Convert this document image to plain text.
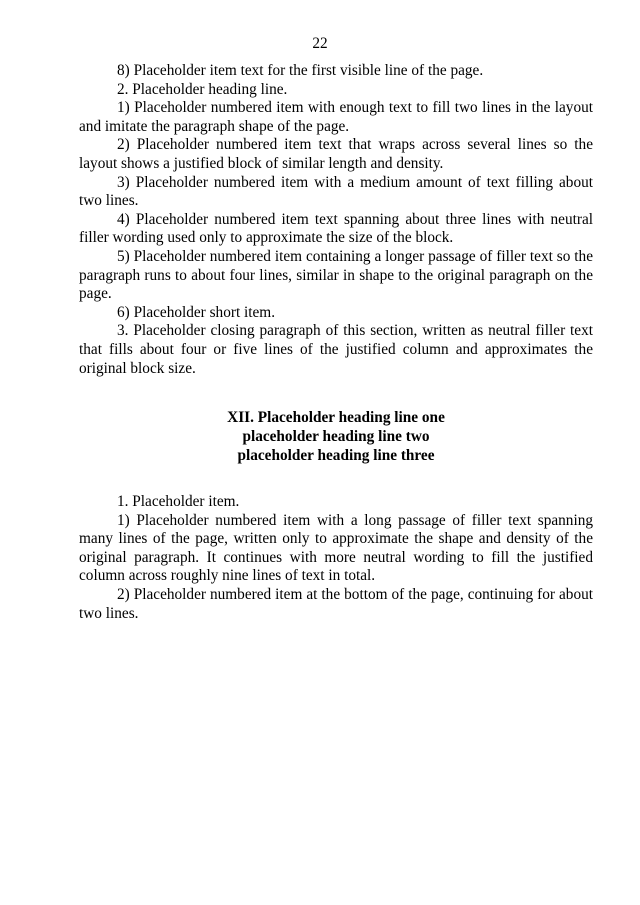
22

8) Placeholder item text for the first visible line of the page.

2. Placeholder heading line.

1) Placeholder numbered item with enough text to fill two lines in the layout and imitate the paragraph shape of the page.

2) Placeholder numbered item text that wraps across several lines so the layout shows a justified block of similar length and density.

3) Placeholder numbered item with a medium amount of text filling about two lines.

4) Placeholder numbered item text spanning about three lines with neutral filler wording used only to approximate the size of the block.

5) Placeholder numbered item containing a longer passage of filler text so the paragraph runs to about four lines, similar in shape to the original paragraph on the page.

6) Placeholder short item.

3. Placeholder closing paragraph of this section, written as neutral filler text that fills about four or five lines of the justified column and approximates the original block size.

XII. Placeholder heading line one
placeholder heading line two
placeholder heading line three

1. Placeholder item.

1) Placeholder numbered item with a long passage of filler text spanning many lines of the page, written only to approximate the shape and density of the original paragraph. It continues with more neutral wording to fill the justified column across roughly nine lines of text in total.

2) Placeholder numbered item at the bottom of the page, continuing for about two lines.
